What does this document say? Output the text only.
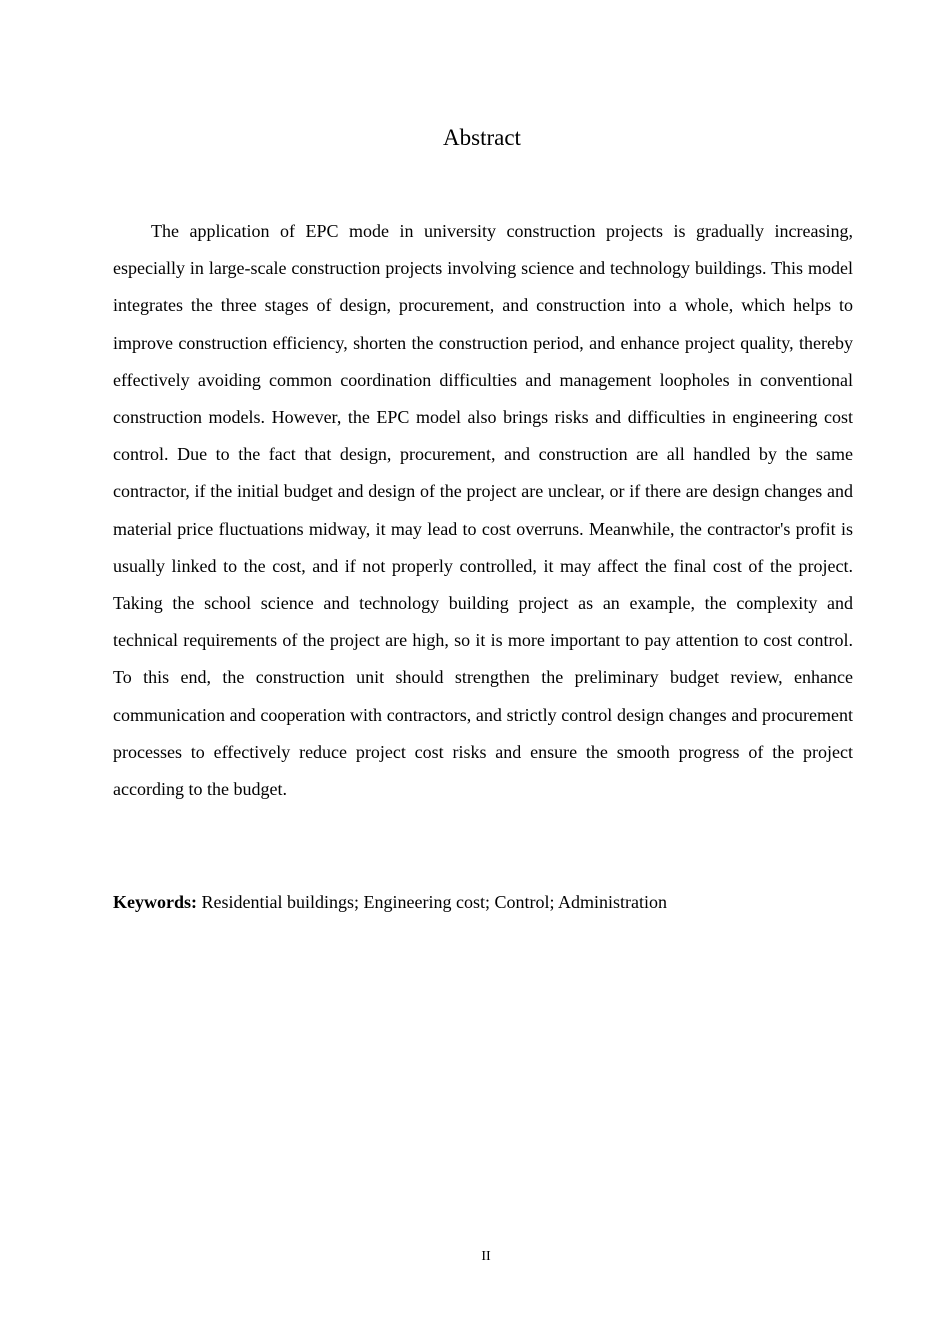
Abstract

The application of EPC mode in university construction projects is gradually increasing, especially in large-scale construction projects involving science and technology buildings. This model integrates the three stages of design, procurement, and construction into a whole, which helps to improve construction efficiency, shorten the construction period, and enhance project quality, thereby effectively avoiding common coordination difficulties and management loopholes in conventional construction models. However, the EPC model also brings risks and difficulties in engineering cost control. Due to the fact that design, procurement, and construction are all handled by the same contractor, if the initial budget and design of the project are unclear, or if there are design changes and material price fluctuations midway, it may lead to cost overruns. Meanwhile, the contractor's profit is usually linked to the cost, and if not properly controlled, it may affect the final cost of the project. Taking the school science and technology building project as an example, the complexity and technical requirements of the project are high, so it is more important to pay attention to cost control. To this end, the construction unit should strengthen the preliminary budget review, enhance communication and cooperation with contractors, and strictly control design changes and procurement processes to effectively reduce project cost risks and ensure the smooth progress of the project according to the budget.

Keywords: Residential buildings; Engineering cost; Control; Administration

II
